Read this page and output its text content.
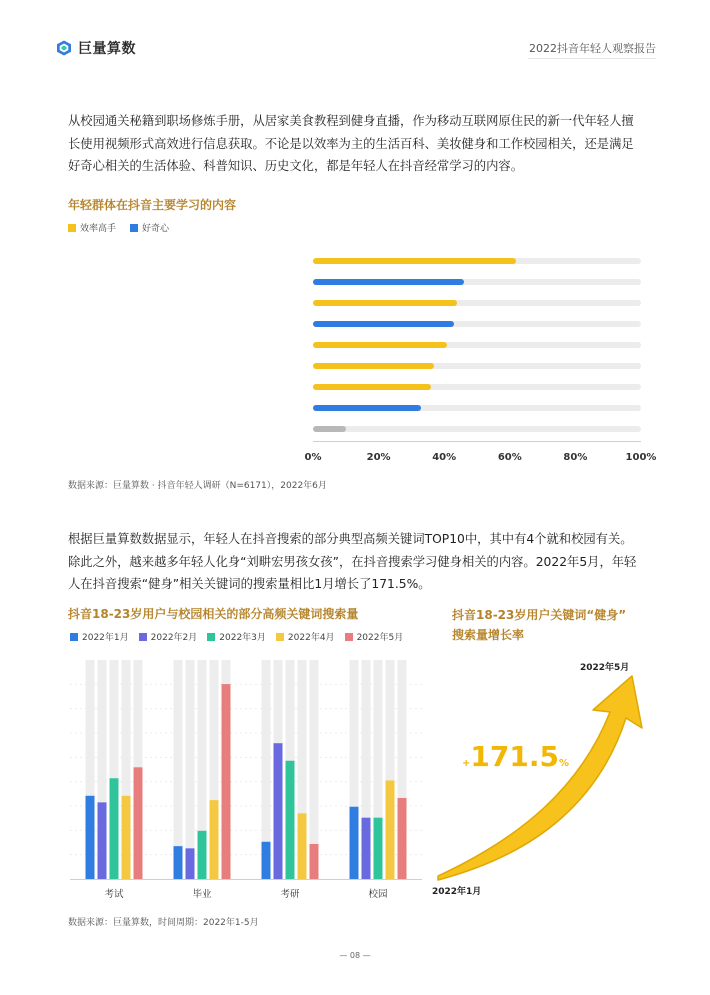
巨量算数	2022抖音年轻人观察报告
从校园通关秘籍到职场修炼手册，从居家美食教程到健身直播，作为移动互联网原住民的新一代年轻人擅长使用视频形式高效进行信息获取。不论是以效率为主的生活百科、美妆健身和工作校园相关，还是满足好奇心相关的生活体验、科普知识、历史文化，都是年轻人在抖音经常学习的内容。
年轻群体在抖音主要学习的内容
效率高手	好奇心
0%	20%	40%	60%	80%	100%
数据来源：巨量算数 · 抖音年轻人调研（N=6171），2022年6月
根据巨量算数数据显示，年轻人在抖音搜索的部分典型高频关键词TOP10中，其中有4个就和校园有关。除此之外，越来越多年轻人化身“刘畊宏男孩女孩”，在抖音搜索学习健身相关的内容。2022年5月，年轻人在抖音搜索“健身”相关关键词的搜索量相比1月增长了171.5%。
抖音18-23岁用户与校园相关的部分高频关键词搜索量
2022年1月 2022年2月 2022年3月 2022年4月 2022年5月
考试	毕业	考研	校园
数据来源：巨量算数，时间周期：2022年1-5月
抖音18-23岁用户关键词“健身”
搜索量增长率
+171.5%
2022年5月
2022年1月
— 08 —
